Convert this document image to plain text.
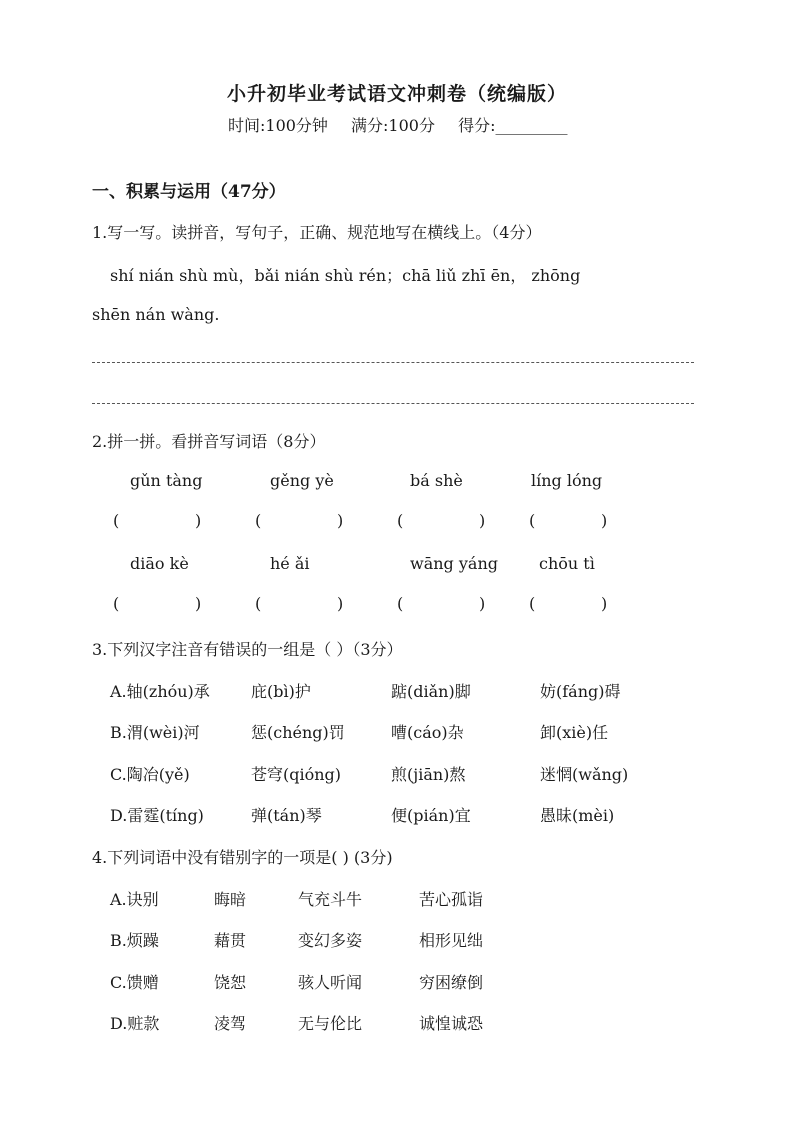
小升初毕业考试语文冲刺卷（统编版）
时间:100分钟 满分:100分 得分:_________
一、积累与运用（47分）
1.写一写。读拼音，写句子，正确、规范地写在横线上。（4分）
shí nián shù mù，bǎi nián shù rén；chā liǔ zhī ēn， zhōng
shēn nán wàng.
2.拼一拼。看拼音写词语（8分）
gǔn tàng	gěng yè	bá shè	líng lóng
(	)	(	)	(	)	(	)
diāo kè	hé ǎi	wāng yáng	chōu tì
(	)	(	)	(	)	(	)
3.下列汉字注音有错误的一组是（ ）（3分）
A.轴(zhóu)承	庇(bì)护	踮(diǎn)脚	妨(fáng)碍
B.渭(wèi)河	惩(chéng)罚	嘈(cáo)杂	卸(xiè)任
C.陶冶(yě)	苍穹(qióng)	煎(jiān)熬	迷惘(wǎng)
D.雷霆(tíng)	弹(tán)琴	便(pián)宜	愚昧(mèi)
4.下列词语中没有错别字的一项是( ) (3分)
A.诀别	晦暗	气充斗牛	苦心孤诣
B.烦躁	藉贯	变幻多姿	相形见绌
C.馈赠	饶恕	骇人听闻	穷困缭倒
D.赃款	凌驾	无与伦比	诚惶诚恐
